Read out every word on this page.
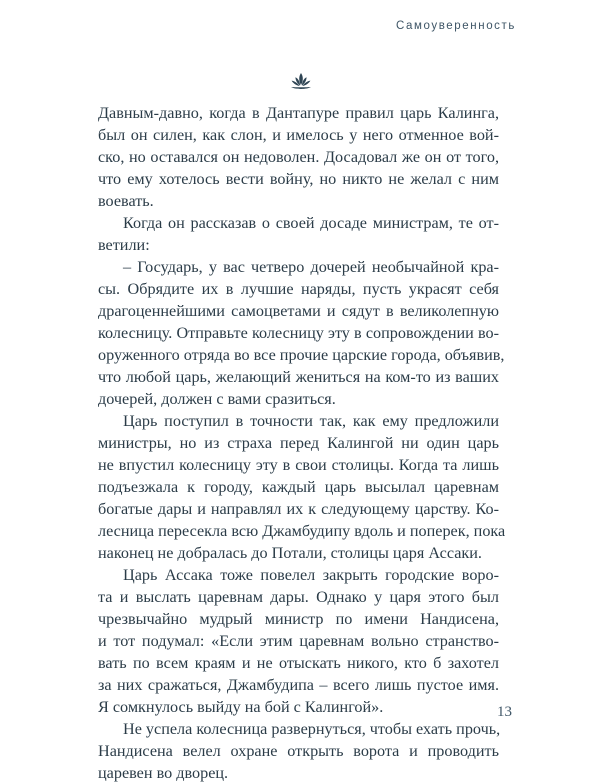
Самоуверенность
Давным-давно, когда в Дантапуре правил царь Калинга,
был он силен, как слон, и имелось у него отменное вой-
ско, но оставался он недоволен. Досадовал же он от того,
что ему хотелось вести войну, но никто не желал с ним
воевать.
Когда он рассказав о своей досаде министрам, те от-
ветили:
– Государь, у вас четверо дочерей необычайной кра-
сы. Обрядите их в лучшие наряды, пусть украсят себя
драгоценнейшими самоцветами и сядут в великолепную
колесницу. Отправьте колесницу эту в сопровождении во-
оруженного отряда во все прочие царские города, объявив,
что любой царь, желающий жениться на ком-то из ваших
дочерей, должен с вами сразиться.
Царь поступил в точности так, как ему предложили
министры, но из страха перед Калингой ни один царь
не впустил колесницу эту в свои столицы. Когда та лишь
подъезжала к городу, каждый царь высылал царевнам
богатые дары и направлял их к следующему царству. Ко-
лесница пересекла всю Джамбудипу вдоль и поперек, пока
наконец не добралась до Потали, столицы царя Ассаки.
Царь Ассака тоже повелел закрыть городские воро-
та и выслать царевнам дары. Однако у царя этого был
чрезвычайно мудрый министр по имени Нандисена,
и тот подумал: «Если этим царевнам вольно странство-
вать по всем краям и не отыскать никого, кто б захотел
за них сражаться, Джамбудипа – всего лишь пустое имя.
Я сомкнулось выйду на бой с Калингой».
Не успела колесница развернуться, чтобы ехать прочь,
Нандисена велел охране открыть ворота и проводить
царевен во дворец.
13
